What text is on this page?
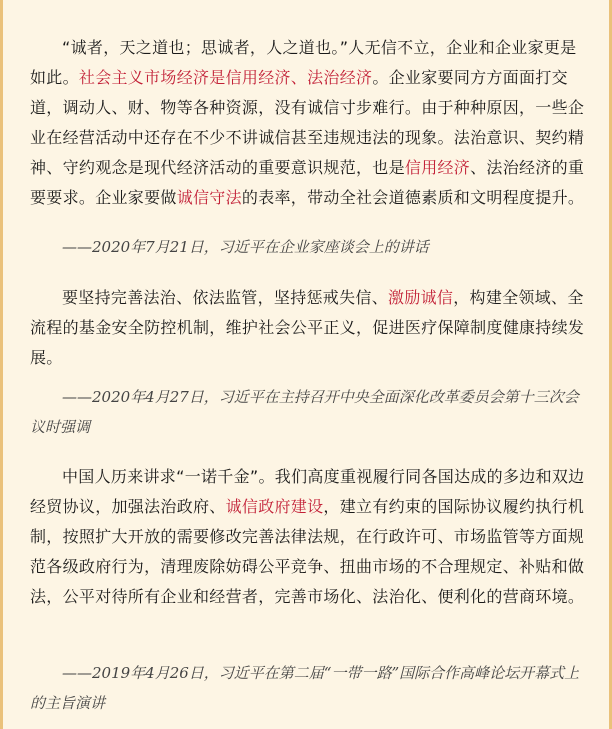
“诚者，天之道也；思诚者，人之道也。”人无信不立，企业和企业家更是如此。社会主义市场经济是信用经济、法治经济。企业家要同方方面面打交道，调动人、财、物等各种资源，没有诚信寸步难行。由于种种原因，一些企业在经营活动中还存在不少不讲诚信甚至违规违法的现象。法治意识、契约精神、守约观念是现代经济活动的重要意识规范，也是信用经济、法治经济的重要要求。企业家要做诚信守法的表率，带动全社会道德素质和文明程度提升。

——2020年7月21日，习近平在企业家座谈会上的讲话

要坚持完善法治、依法监管，坚持惩戒失信、激励诚信，构建全领域、全流程的基金安全防控机制，维护社会公平正义，促进医疗保障制度健康持续发展。

——2020年4月27日，习近平在主持召开中央全面深化改革委员会第十三次会议时强调

中国人历来讲求“一诺千金”。我们高度重视履行同各国达成的多边和双边经贸协议，加强法治政府、诚信政府建设，建立有约束的国际协议履约执行机制，按照扩大开放的需要修改完善法律法规，在行政许可、市场监管等方面规范各级政府行为，清理废除妨碍公平竞争、扭曲市场的不合理规定、补贴和做法，公平对待所有企业和经营者，完善市场化、法治化、便利化的营商环境。

——2019年4月26日，习近平在第二届“一带一路”国际合作高峰论坛开幕式上的主旨演讲
